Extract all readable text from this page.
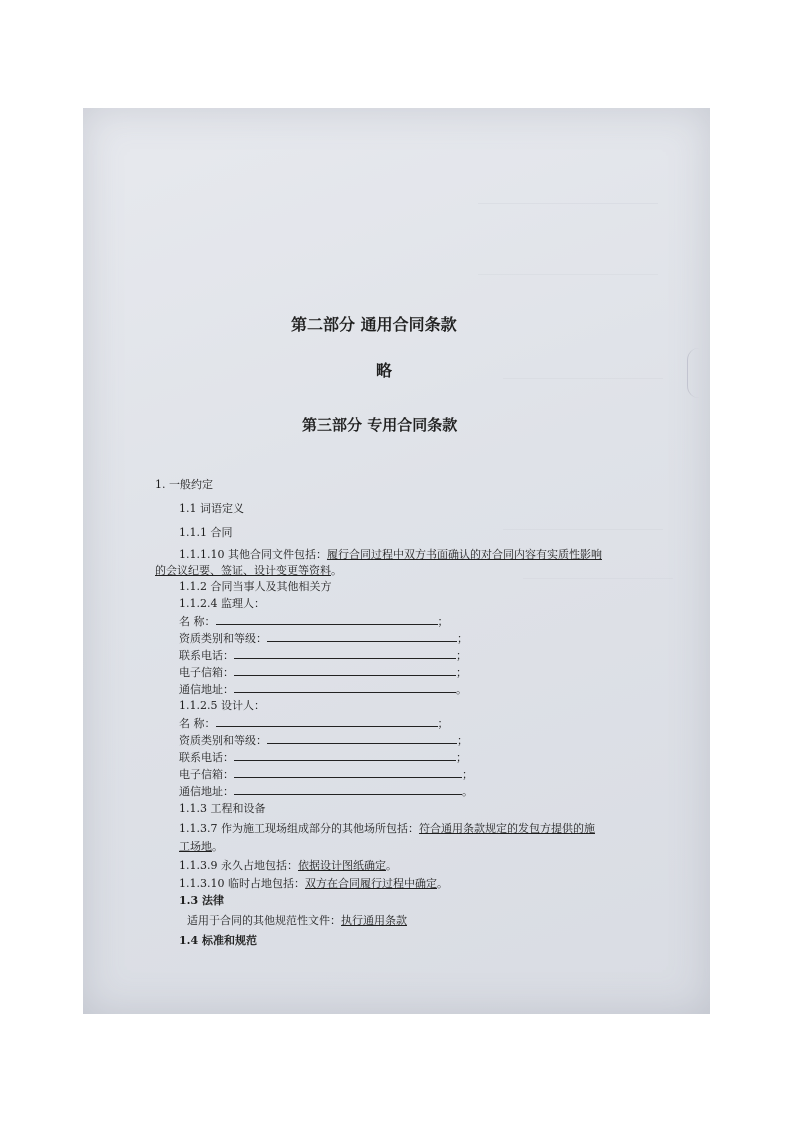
第二部分 通用合同条款
略
第三部分 专用合同条款
1. 一般约定
1.1 词语定义
1.1.1 合同
1.1.1.10 其他合同文件包括：履行合同过程中双方书面确认的对合同内容有实质性影响
的会议纪要、签证、设计变更等资料。
1.1.2 合同当事人及其他相关方
1.1.2.4 监理人：
名 称：	；
资质类别和等级：	；
联系电话：	；
电子信箱：	；
通信地址：	。
1.1.2.5 设计人：
名 称：	；
资质类别和等级：	；
联系电话：	；
电子信箱：	；
通信地址：	。
1.1.3 工程和设备
1.1.3.7 作为施工现场组成部分的其他场所包括：符合通用条款规定的发包方提供的施
工场地。
1.1.3.9 永久占地包括：依据设计图纸确定。
1.1.3.10 临时占地包括：双方在合同履行过程中确定。
1.3 法律
适用于合同的其他规范性文件：执行通用条款
1.4 标准和规范
